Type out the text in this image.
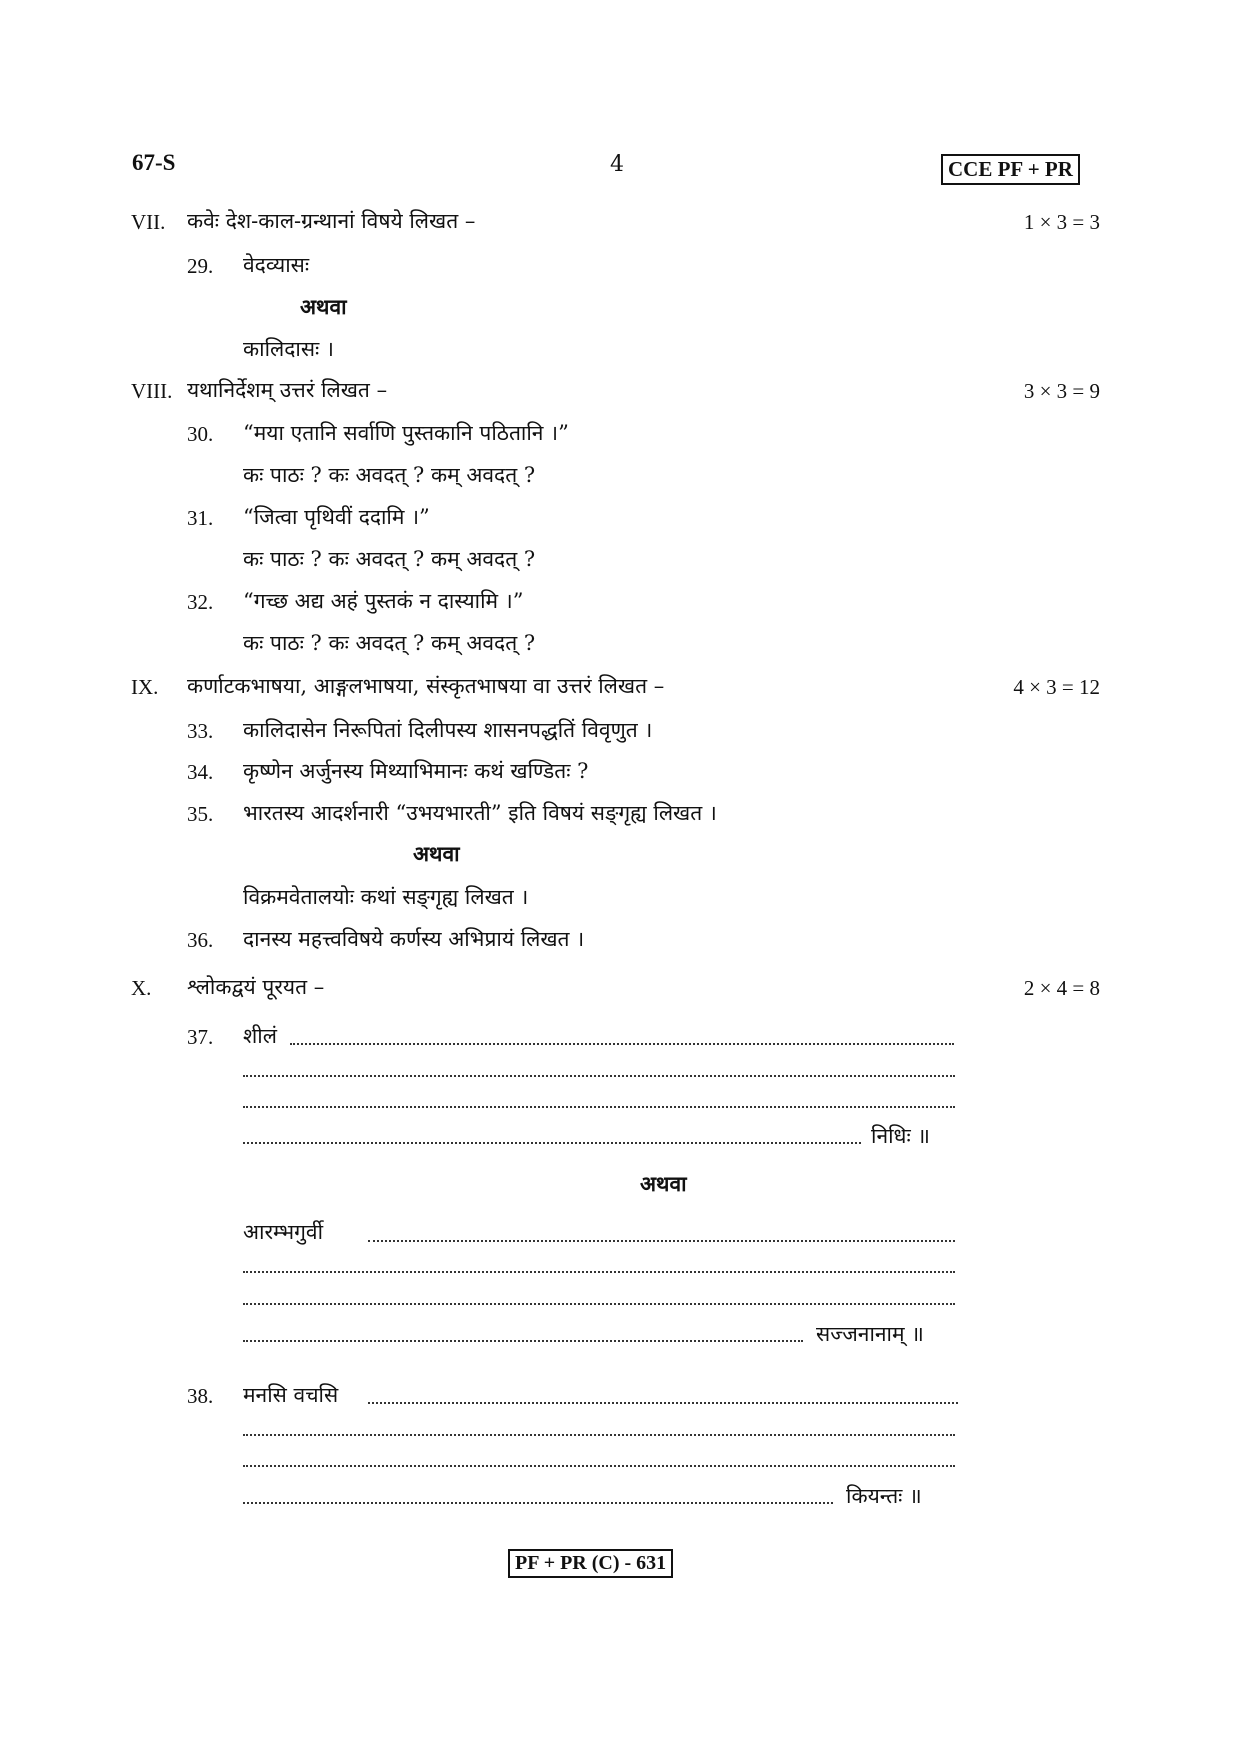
67-S	4	CCE PF + PR
VII. कवेः देश-काल-ग्रन्थानां विषये लिखत –	1 × 3 = 3
29. वेदव्यासः
अथवा
कालिदासः ।
VIII. यथानिर्देशम् उत्तरं लिखत –	3 × 3 = 9
30. “मया एतानि सर्वाणि पुस्तकानि पठितानि ।”
कः पाठः ? कः अवदत् ? कम् अवदत् ?
31. “जित्वा पृथिवीं ददामि ।”
कः पाठः ? कः अवदत् ? कम् अवदत् ?
32. “गच्छ अद्य अहं पुस्तकं न दास्यामि ।”
कः पाठः ? कः अवदत् ? कम् अवदत् ?
IX. कर्णाटकभाषया, आङ्गलभाषया, संस्कृतभाषया वा उत्तरं लिखत –	4 × 3 = 12
33. कालिदासेन निरूपितां दिलीपस्य शासनपद्धतिं विवृणुत ।
34. कृष्णेन अर्जुनस्य मिथ्याभिमानः कथं खण्डितः ?
35. भारतस्य आदर्शनारी “उभयभारती” इति विषयं सङ्गृह्य लिखत ।
अथवा
विक्रमवेतालयोः कथां सङ्गृह्य लिखत ।
36. दानस्य महत्त्वविषये कर्णस्य अभिप्रायं लिखत ।
X. श्लोकद्वयं पूरयत –	2 × 4 = 8
37. शीलं
निधिः ॥
अथवा
आरम्भगुर्वी
सज्जनानाम् ॥
38. मनसि वचसि
कियन्तः ॥
PF + PR (C) - 631
